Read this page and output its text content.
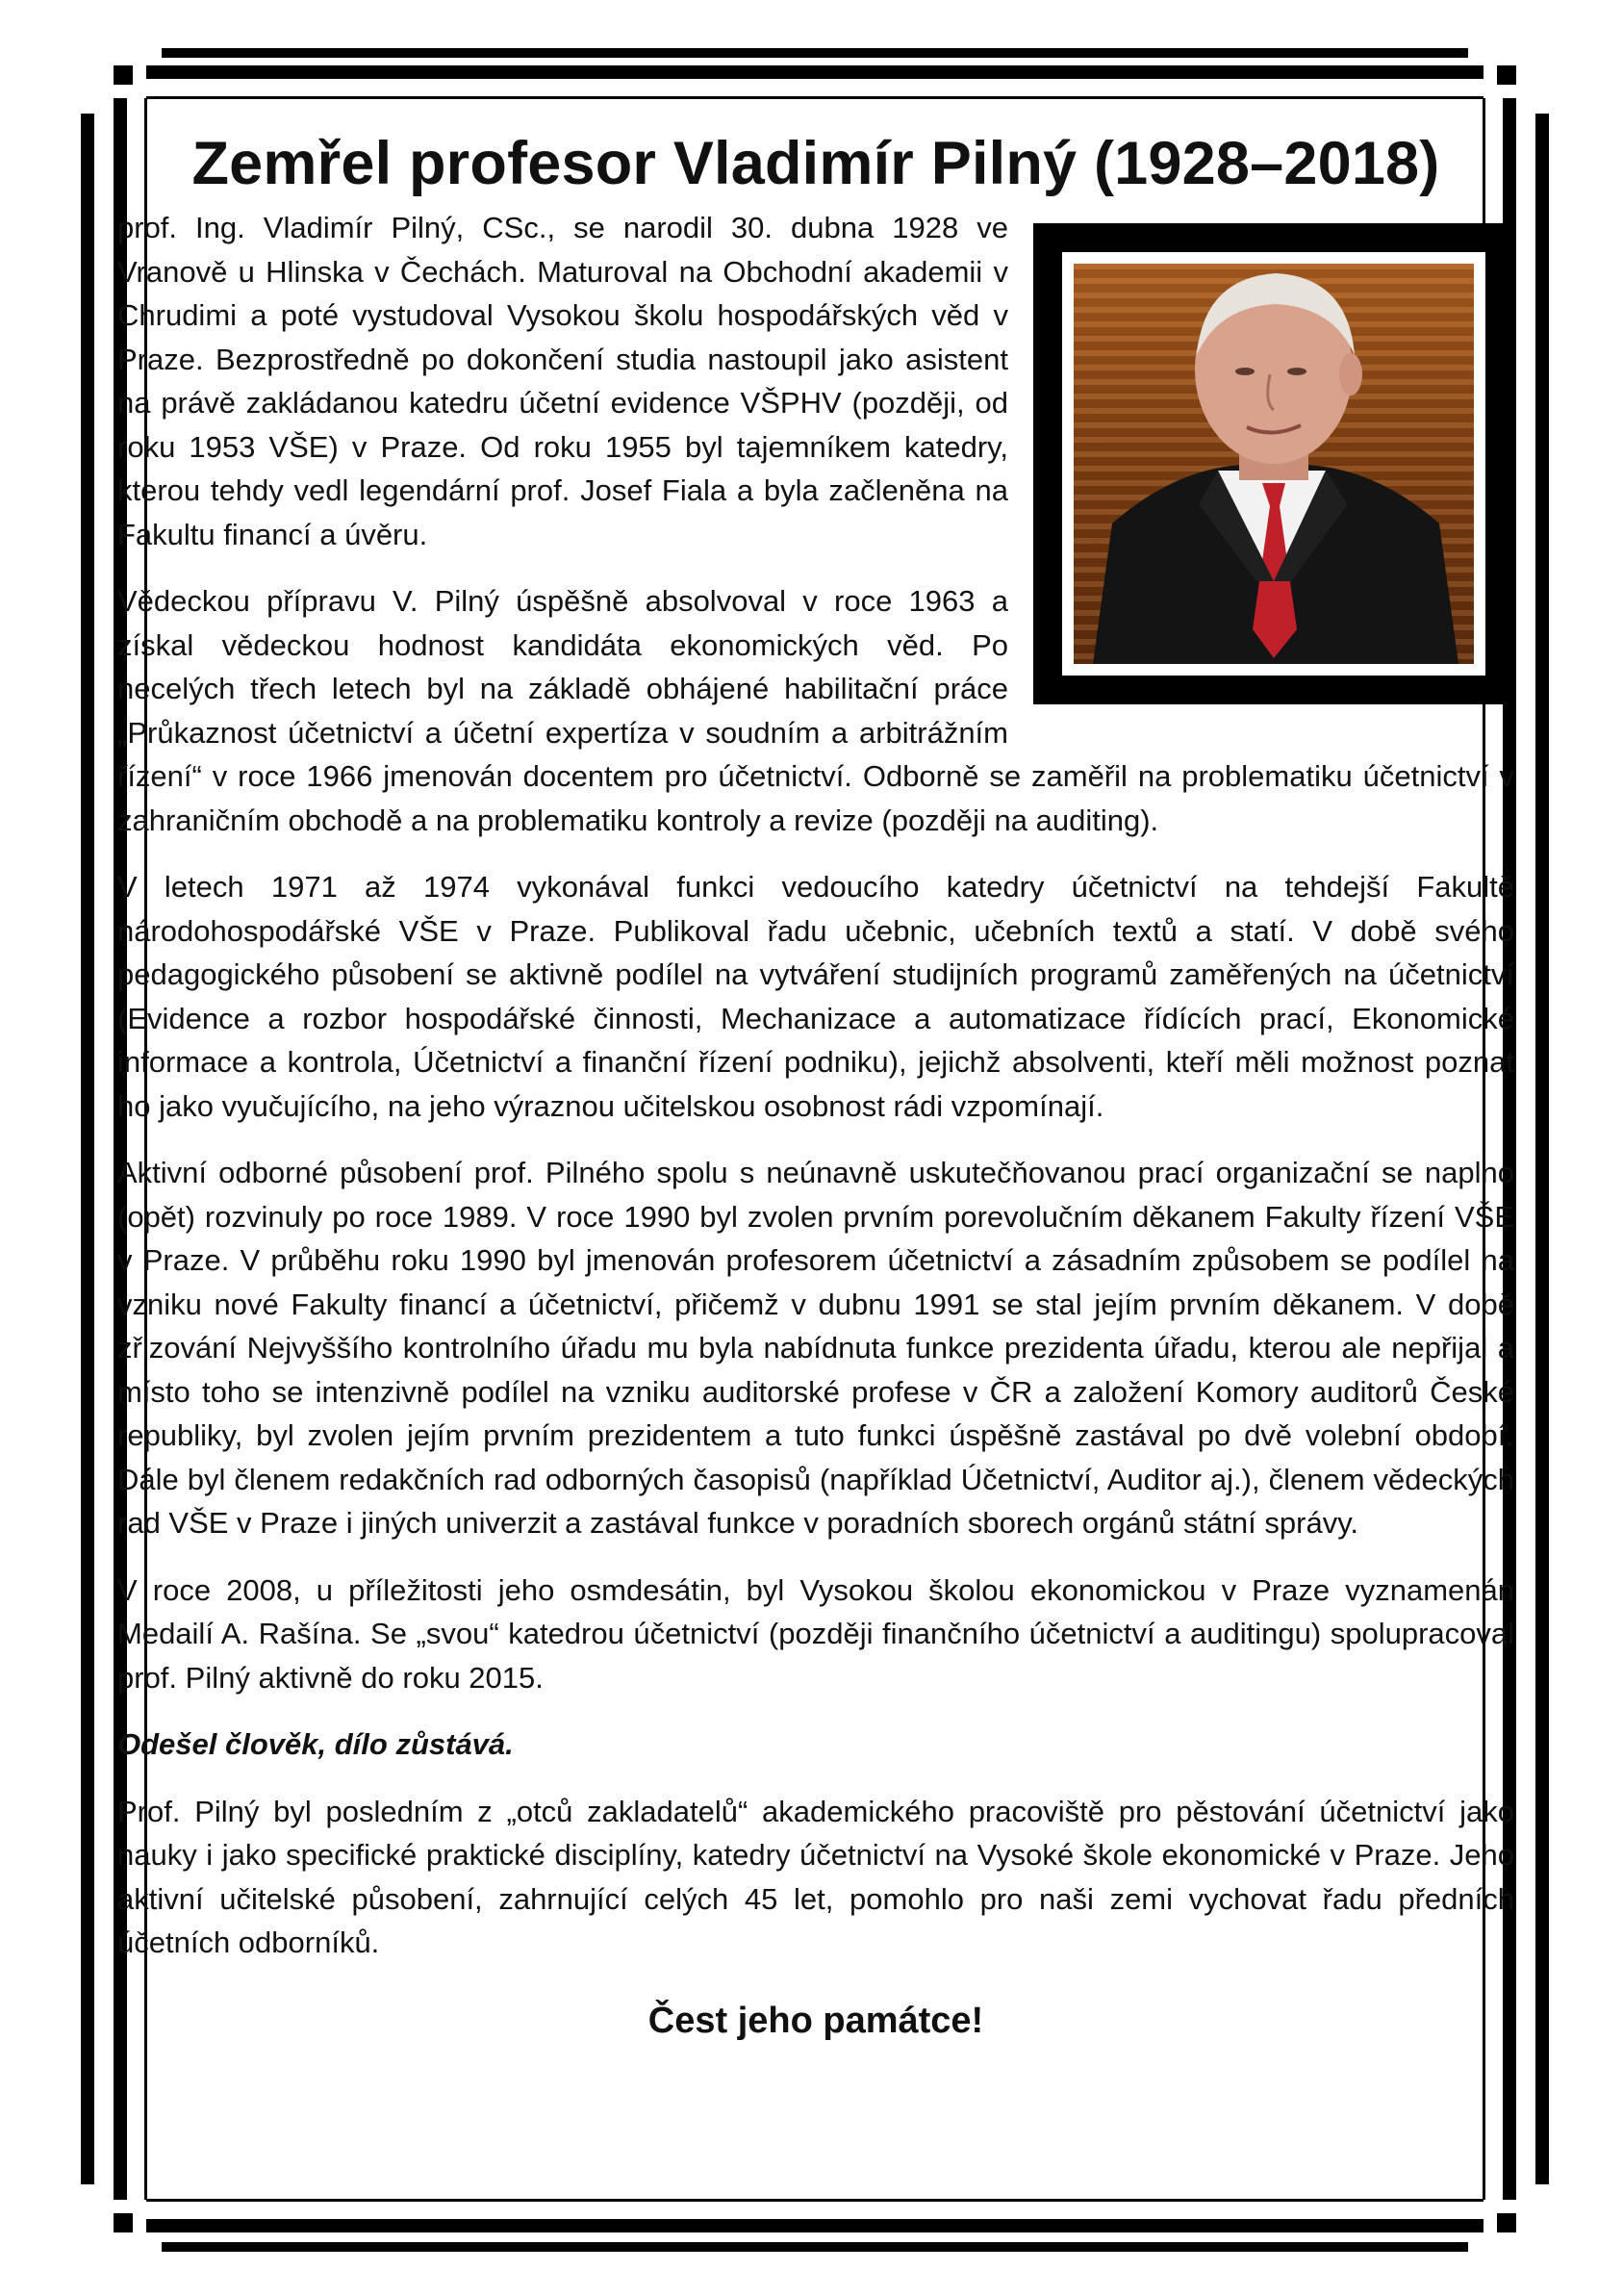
Zemřel profesor Vladimír Pilný (1928–2018)

prof. Ing. Vladimír Pilný, CSc., se narodil 30. dubna 1928 ve Vranově u Hlinska v Čechách. Maturoval na Obchodní akademii v Chrudimi a poté vystudoval Vysokou školu hospodářských věd v Praze. Bezprostředně po dokončení studia nastoupil jako asistent na právě zakládanou katedru účetní evidence VŠPHV (později, od roku 1953 VŠE) v Praze. Od roku 1955 byl tajemníkem katedry, kterou tehdy vedl legendární prof. Josef Fiala a byla začleněna na Fakultu financí a úvěru.

Vědeckou přípravu V. Pilný úspěšně absolvoval v roce 1963 a získal vědeckou hodnost kandidáta ekonomických věd. Po necelých třech letech byl na základě obhájené habilitační práce „Průkaznost účetnictví a účetní expertíza v soudním a arbitrážním řízení“ v roce 1966 jmenován docentem pro účetnictví. Odborně se zaměřil na problematiku účetnictví v zahraničním obchodě a na problematiku kontroly a revize (později na auditing).

V letech 1971 až 1974 vykonával funkci vedoucího katedry účetnictví na tehdejší Fakultě národohospodářské VŠE v Praze. Publikoval řadu učebnic, učebních textů a statí. V době svého pedagogického působení se aktivně podílel na vytváření studijních programů zaměřených na účetnictví (Evidence a rozbor hospodářské činnosti, Mechanizace a automatizace řídících prací, Ekonomické informace a kontrola, Účetnictví a finanční řízení podniku), jejichž absolventi, kteří měli možnost poznat ho jako vyučujícího, na jeho výraznou učitelskou osobnost rádi vzpomínají.

Aktivní odborné působení prof. Pilného spolu s neúnavně uskutečňovanou prací organizační se naplno (opět) rozvinuly po roce 1989. V roce 1990 byl zvolen prvním porevolučním děkanem Fakulty řízení VŠE v Praze. V průběhu roku 1990 byl jmenován profesorem účetnictví a zásadním způsobem se podílel na vzniku nové Fakulty financí a účetnictví, přičemž v dubnu 1991 se stal jejím prvním děkanem. V době zřizování Nejvyššího kontrolního úřadu mu byla nabídnuta funkce prezidenta úřadu, kterou ale nepřijal a místo toho se intenzivně podílel na vzniku auditorské profese v ČR a založení Komory auditorů České republiky, byl zvolen jejím prvním prezidentem a tuto funkci úspěšně zastával po dvě volební období. Dále byl členem redakčních rad odborných časopisů (například Účetnictví, Auditor aj.), členem vědeckých rad VŠE v Praze i jiných univerzit a zastával funkce v poradních sborech orgánů státní správy.

V roce 2008, u příležitosti jeho osmdesátin, byl Vysokou školou ekonomickou v Praze vyznamenán Medailí A. Rašína. Se „svou“ katedrou účetnictví (později finančního účetnictví a auditingu) spolupracoval prof. Pilný aktivně do roku 2015.

Odešel člověk, dílo zůstává.

Prof. Pilný byl posledním z „otců zakladatelů“ akademického pracoviště pro pěstování účetnictví jako nauky i jako specifické praktické disciplíny, katedry účetnictví na Vysoké škole ekonomické v Praze. Jeho aktivní učitelské působení, zahrnující celých 45 let, pomohlo pro naši zemi vychovat řadu předních účetních odborníků.

Čest jeho památce!
